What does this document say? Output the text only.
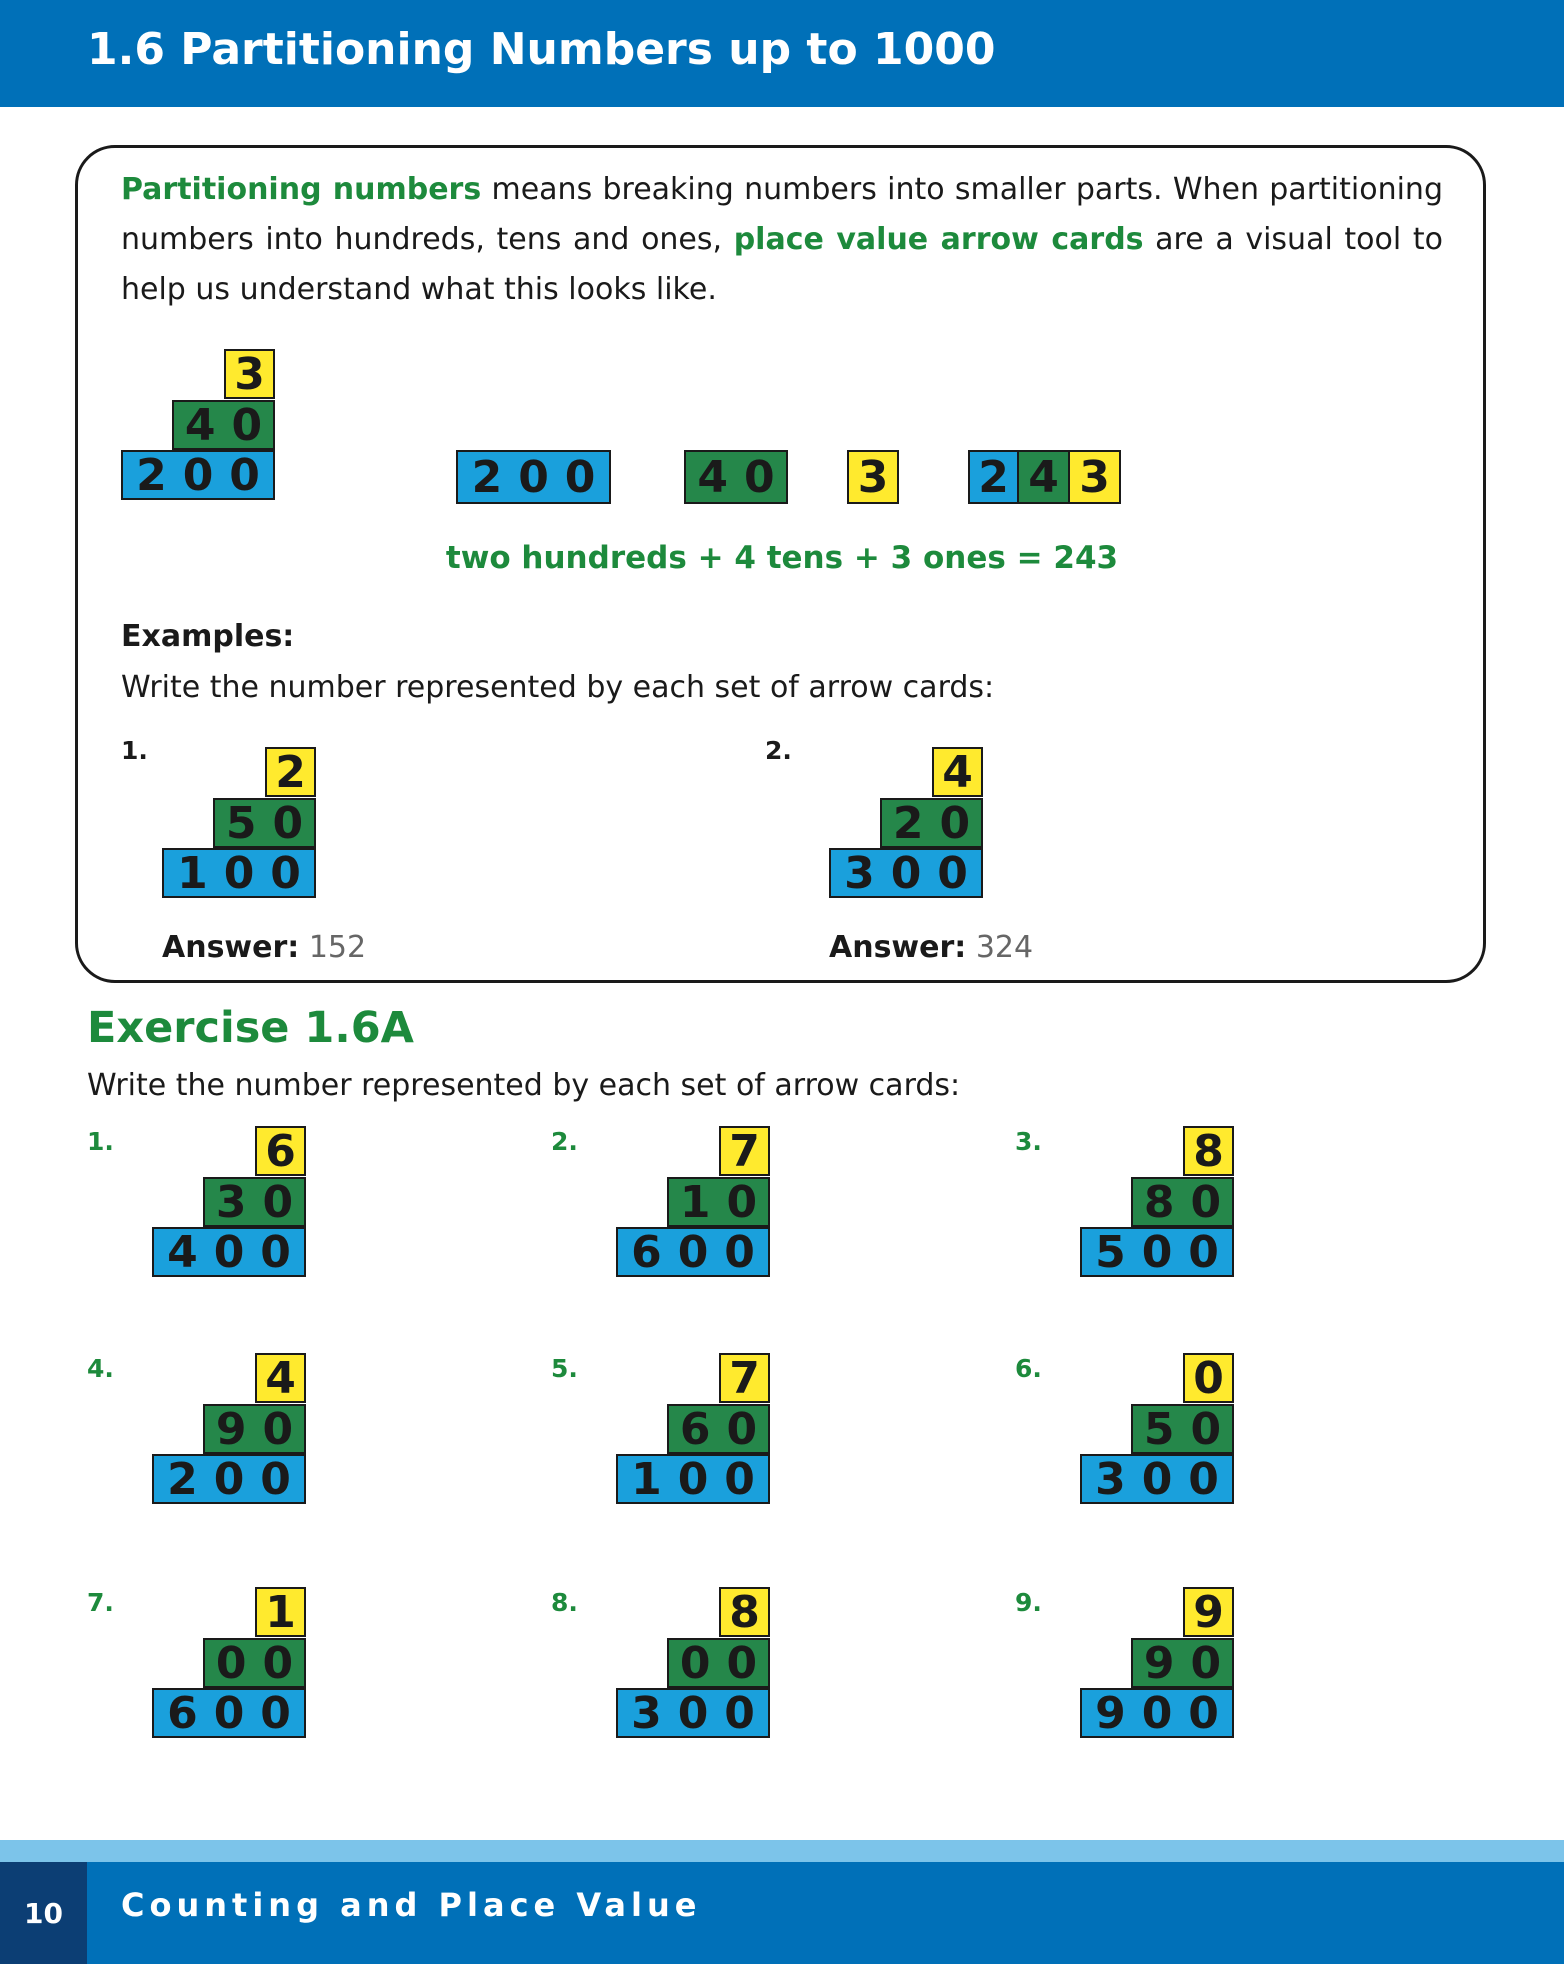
1.6 Partitioning Numbers up to 1000

Partitioning numbers means breaking numbers into smaller parts. When partitioning numbers into hundreds, tens and ones, place value arrow cards are a visual tool to help us understand what this looks like.

3
40
200	200	40 3 2 4 3

two hundreds + 4 tens + 3 ones = 243

Examples:

Write the number represented by each set of arrow cards:

1.	2
50
100

Answer: 152

2.	4
20
300

Answer: 324

Exercise 1.6A

Write the number represented by each set of arrow cards:

1.	6
30
400
2.	7
10
600
3.	8
80
500
4.	4
90
200
5.	7
60
100
6.	0
50
300
7.	1
00
600
8.	8
00
300
9.	9
90
900
10	Counting and Place Value
